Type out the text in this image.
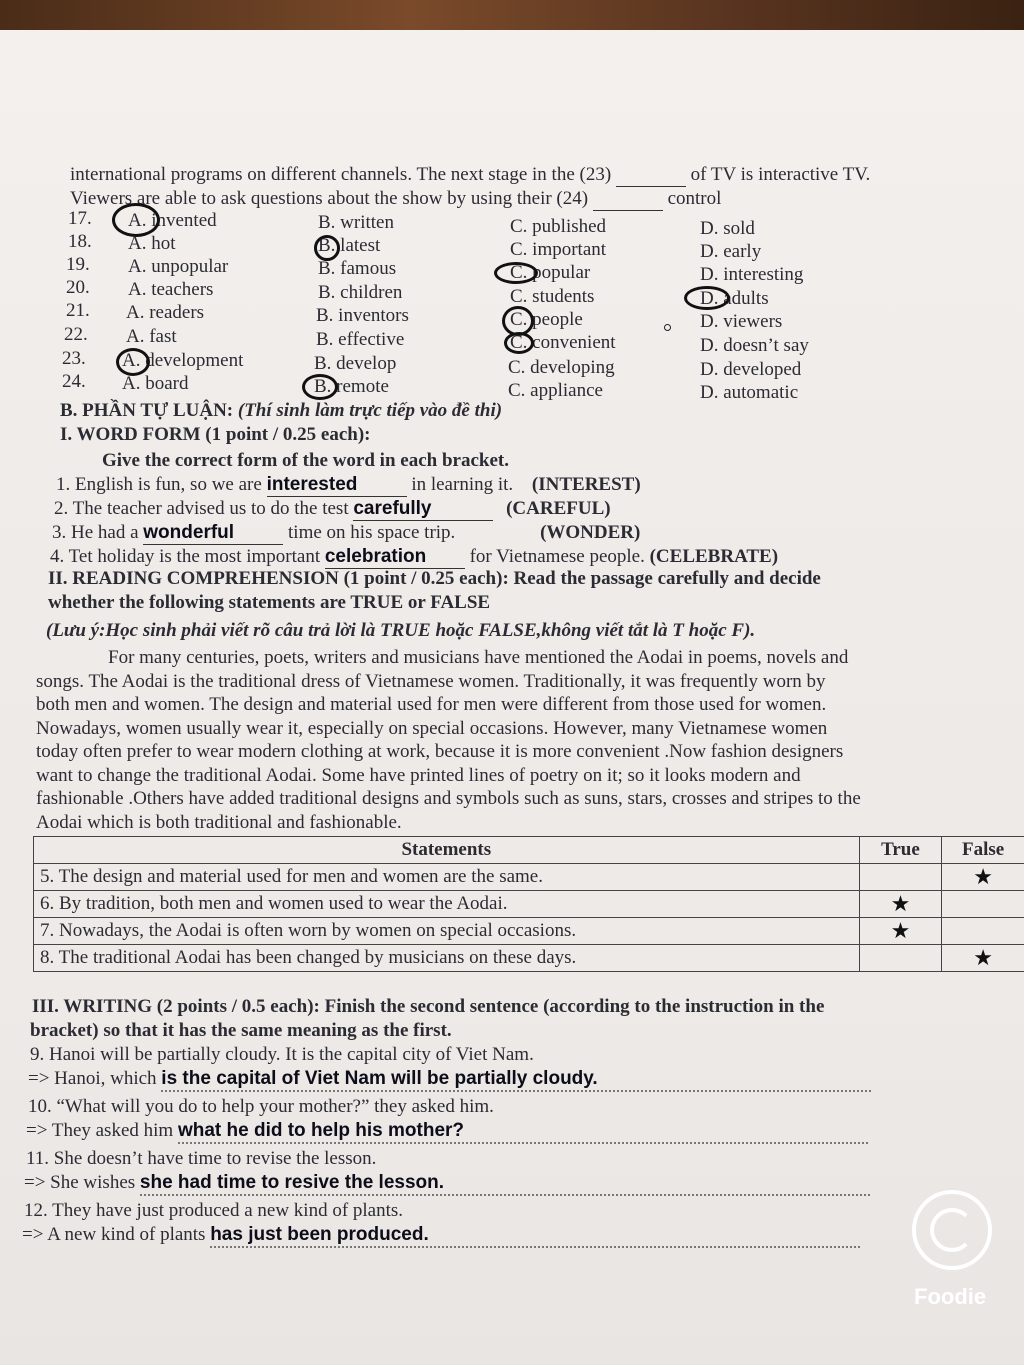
international programs on different channels. The next stage in the (23)	of TV is interactive TV.
Viewers are able to ask questions about the show by using their (24)	control
17. A. invented	B. written	C. published	D. sold
18. A. hot	B. latest	C. important	D. early
19. A. unpopular	B. famous	C. popular	D. interesting
20. A. teachers	B. children	C. students	D. adults
21. A. readers	B. inventors	C. people	D. viewers
22. A. fast	B. effective	C. convenient	D. doesn’t say
23. A. development	B. develop	C. developing	D. developed
24. A. board	B. remote	C. appliance	D. automatic
B. PHẦN TỰ LUẬN: (Thí sinh làm trực tiếp vào đề thi)
I. WORD FORM (1 point / 0.25 each):
Give the correct form of the word in each bracket.
1. English is fun, so we are interested	in learning it. (INTEREST)
2. The teacher advised us to do the test carefully	(CAREFUL)
3. He had a wonderful	time on his space trip.	(WONDER)
4. Tet holiday is the most important celebration for Vietnamese people. (CELEBRATE)
II. READING COMPREHENSION (1 point / 0.25 each): Read the passage carefully and decide
whether the following statements are TRUE or FALSE
(Lưu ý:Học sinh phải viết rõ câu trả lời là TRUE hoặc FALSE,không viết tắt là T hoặc F).
For many centuries, poets, writers and musicians have mentioned the Aodai in poems, novels and
songs. The Aodai is the traditional dress of Vietnamese women. Traditionally, it was frequently worn by
both men and women. The design and material used for men were different from those used for women.
Nowadays, women usually wear it, especially on special occasions. However, many Vietnamese women
today often prefer to wear modern clothing at work, because it is more convenient .Now fashion designers
want to change the traditional Aodai. Some have printed lines of poetry on it; so it looks modern and
fashionable .Others have added traditional designs and symbols such as suns, stars, crosses and stripes to the
Aodai which is both traditional and fashionable.
Statements	True	False
5. The design and material used for men and women are the same.		★
6. By tradition, both men and women used to wear the Aodai.	★	
7. Nowadays, the Aodai is often worn by women on special occasions.	★	
8. The traditional Aodai has been changed by musicians on these days.		★
III. WRITING (2 points / 0.5 each): Finish the second sentence (according to the instruction in the
bracket) so that it has the same meaning as the first.
9. Hanoi will be partially cloudy. It is the capital city of Viet Nam.
=> Hanoi, which is the capital of Viet Nam will be partially cloudy.
10. “What will you do to help your mother?” they asked him.
=> They asked him what he did to help his mother?
11. She doesn’t have time to revise the lesson.
=> She wishes she had time to resive the lesson.
12. They have just produced a new kind of plants.
=> A new kind of plants has just been produced.
Foodie
